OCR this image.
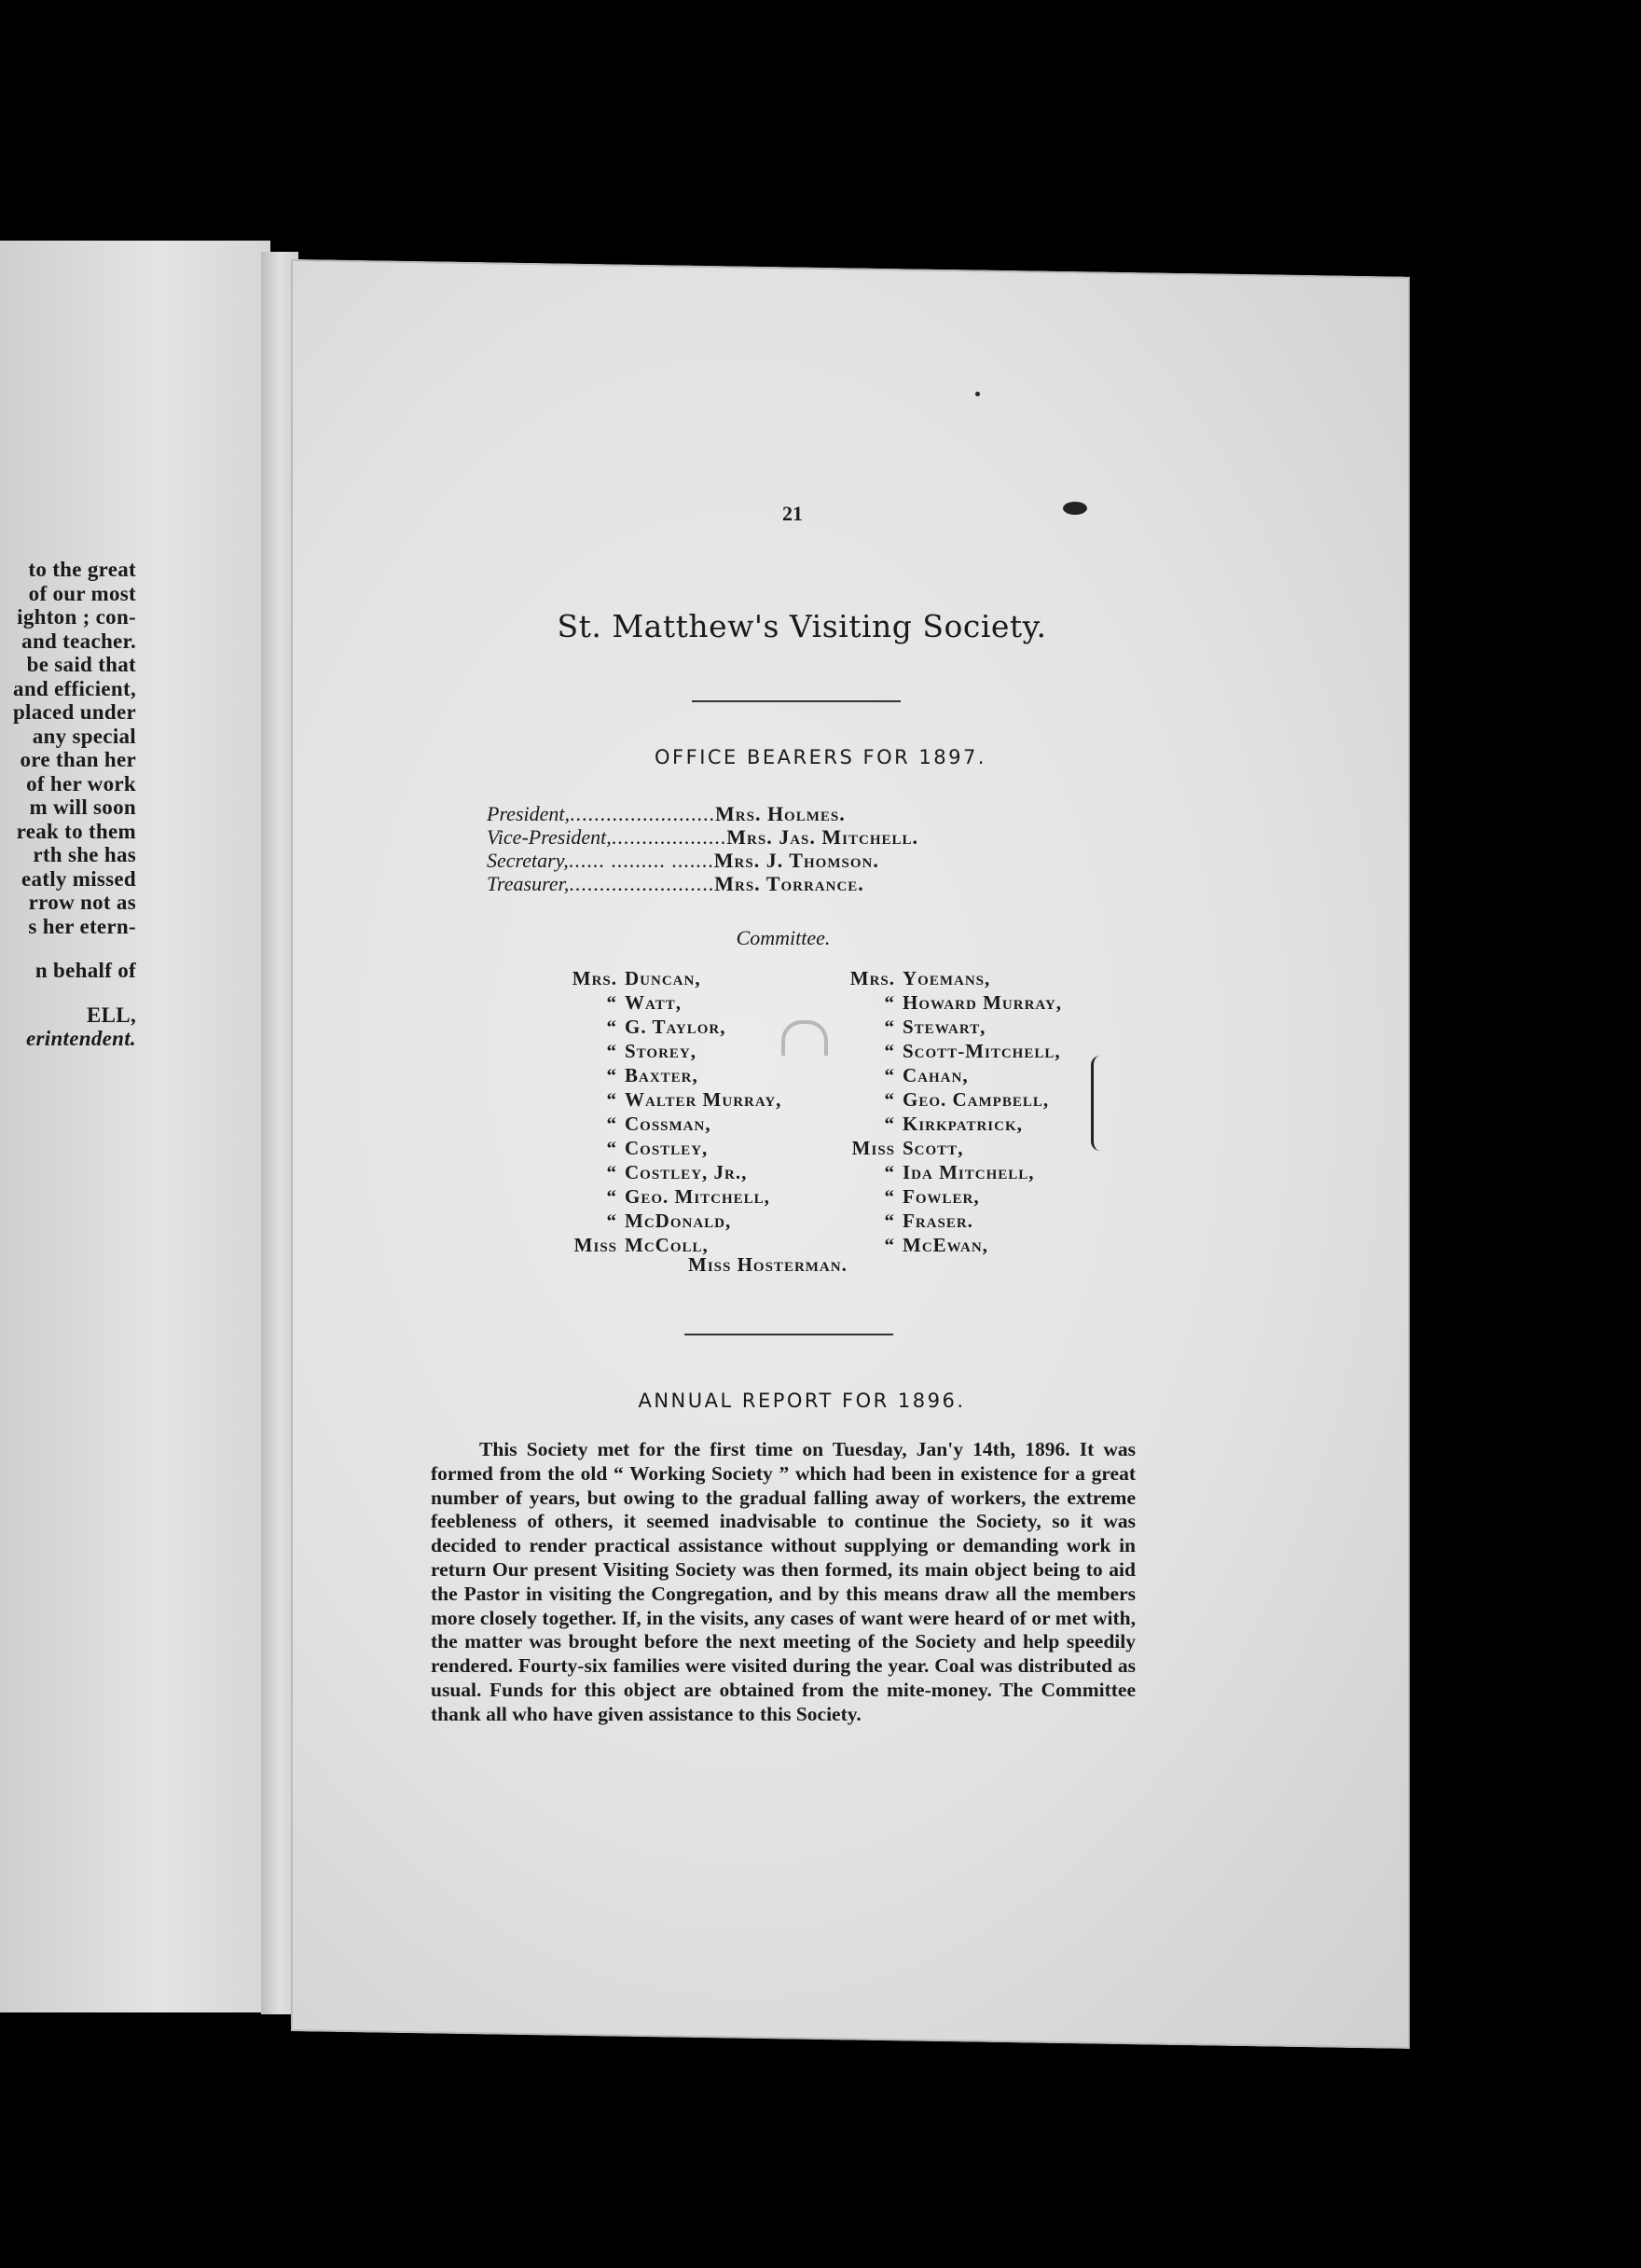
to the great
of our most
ighton ; con-
and teacher.
be said that
and efficient,
placed under
any special
ore than her
of her work
m will soon
reak to them
rth she has
eatly missed
rrow not as
s her etern-
n behalf of
ELL,
erintendent.
21
St. Matthew's Visiting Society.
OFFICE BEARERS FOR 1897.
President,........................Mrs. Holmes.
Vice-President,...................Mrs. Jas. Mitchell.
Secretary,...... ......... .......Mrs. J. Thomson.
Treasurer,........................Mrs. Torrance.
Committee.
Mrs. Duncan,
“ Watt,
“ G. Taylor,
“ Storey,
“ Baxter,
“ Walter Murray,
“ Cossman,
“ Costley,
“ Costley, Jr.,
“ Geo. Mitchell,
“ McDonald,
Miss McColl,
Mrs. Yoemans,
“ Howard Murray,
“ Stewart,
“ Scott-Mitchell,
“ Cahan,
“ Geo. Campbell,
“ Kirkpatrick,
Miss Scott,
“ Ida Mitchell,
“ Fowler,
“ Fraser.
“ McEwan,
Miss Hosterman.
ANNUAL REPORT FOR 1896.
This Society met for the first time on Tuesday, Jan'y 14th, 1896. It was formed from the old “ Working Society ” which had been in existence for a great number of years, but owing to the gradual falling away of workers, the extreme feebleness of others, it seemed inadvisable to continue the Society, so it was decided to render practical assistance without supplying or demanding work in return Our present Visiting Society was then formed, its main object being to aid the Pastor in visiting the Congregation, and by this means draw all the members more closely together. If, in the visits, any cases of want were heard of or met with, the matter was brought before the next meeting of the Society and help speedily rendered. Fourty-six families were visited during the year. Coal was distributed as usual. Funds for this object are obtained from the mite-money. The Committee thank all who have given assistance to this Society.
